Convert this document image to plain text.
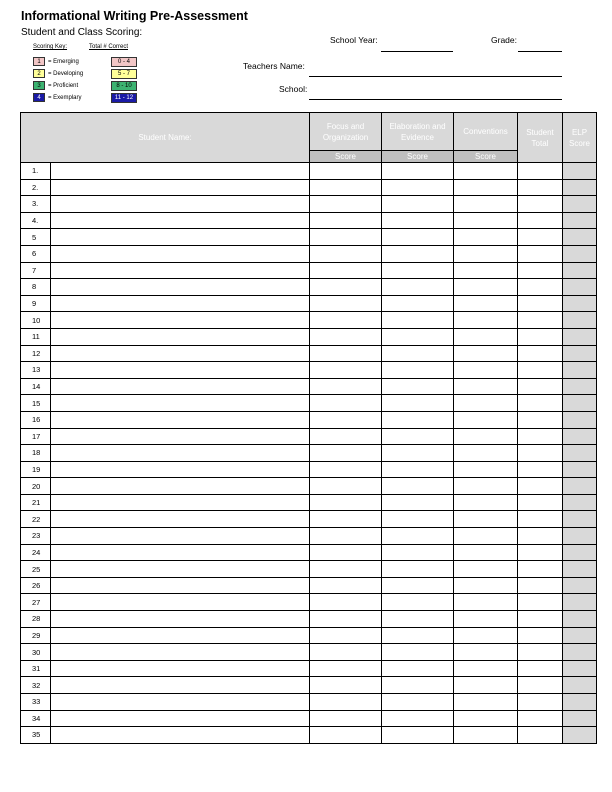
Informational Writing Pre-Assessment
Student and Class Scoring:
Scoring Key:	Total # Correct
1	= Emerging	0 - 4
2	= Developing	5 - 7
3	= Proficient	8 - 10
4	= Exemplary	11 - 12
School Year:	Grade:
Teachers Name:
School:
Student Name:		Focus and Organization	Elaboration and Evidence	Conventions	Student Total	ELP Score
		Score	Score	Score		
1.						
2.						
3.						
4.						
5						
6						
7						
8						
9						
10						
11						
12						
13						
14						
15						
16						
17						
18						
19						
20						
21						
22						
23						
24						
25						
26						
27						
28						
29						
30						
31						
32						
33						
34						
35						
